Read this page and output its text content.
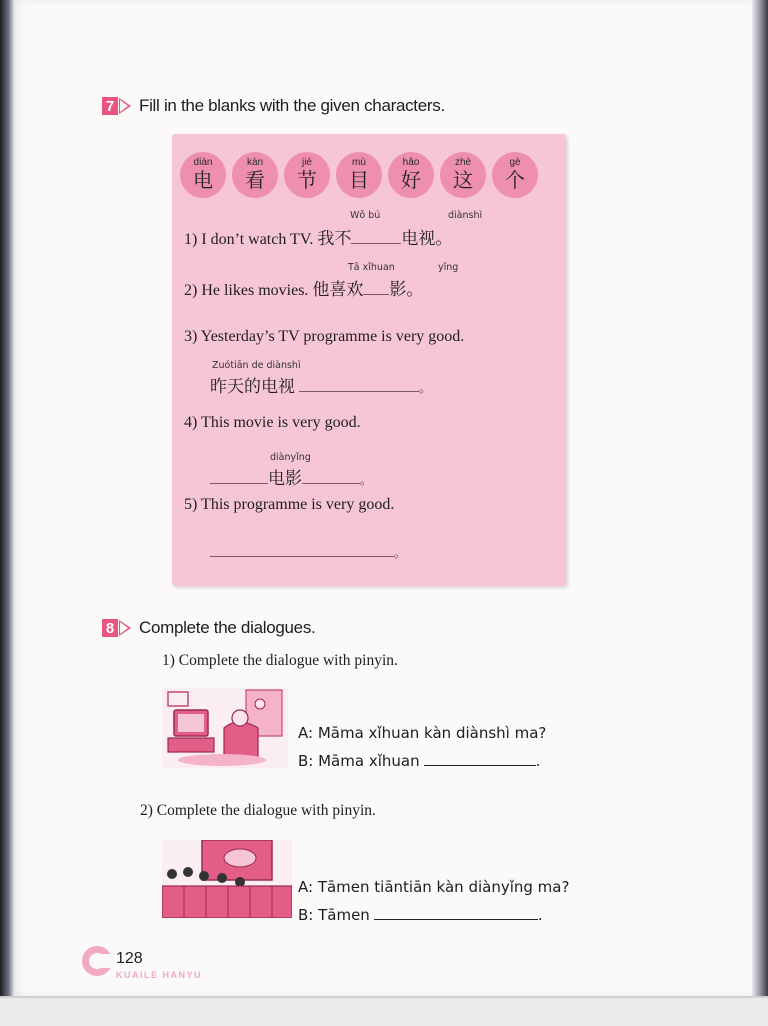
7 Fill in the blanks with the given characters.
diàn
电
kàn
看
jié
节
mù
目
hǎo
好
zhè
这
gè
个
Wǒ bú	diànshì
1) I don’t watch TV. 我不	电视。
Tā xǐhuan	yǐng
2) He likes movies. 他喜欢 影。
3) Yesterday’s TV programme is very good.
Zuótiān de diànshì
昨天的电视	。
4) This movie is very good.
diànyǐng
电影	。
5) This programme is very good.
。
8 Complete the dialogues.
1) Complete the dialogue with pinyin.
A: Māma xǐhuan kàn diànshì ma?
B: Māma xǐhuan	.
2) Complete the dialogue with pinyin.
A: Tāmen tiāntiān kàn diànyǐng ma?
B: Tāmen	.
128
KUAILE HANYU
